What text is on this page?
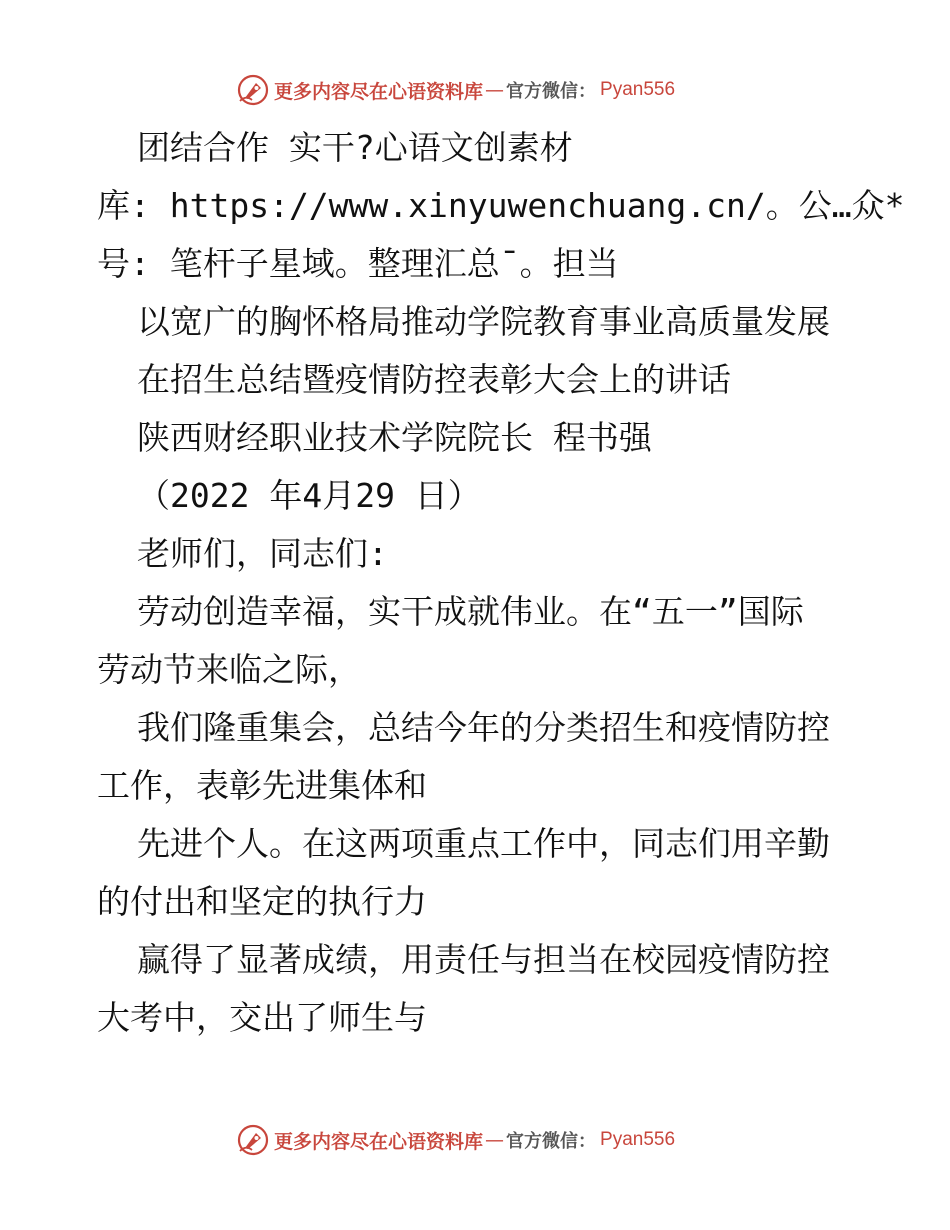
更多内容尽在心语资料库 — 官方微信： Pyan556
团结合作 实干?心语文创素材
库: https://www.xinyuwenchuang.cn/。公…众*
号: 笔杆子星域。整理汇总¯。担当
以宽广的胸怀格局推动学院教育事业高质量发展
在招生总结暨疫情防控表彰大会上的讲话
陕西财经职业技术学院院长 程书强
（2022 年4月29 日）
老师们，同志们:
劳动创造幸福，实干成就伟业。在“五一”国际
劳动节来临之际，
我们隆重集会，总结今年的分类招生和疫情防控
工作，表彰先进集体和
先进个人。在这两项重点工作中，同志们用辛勤
的付出和坚定的执行力
赢得了显著成绩，用责任与担当在校园疫情防控
大考中，交出了师生与
更多内容尽在心语资料库 — 官方微信： Pyan556
